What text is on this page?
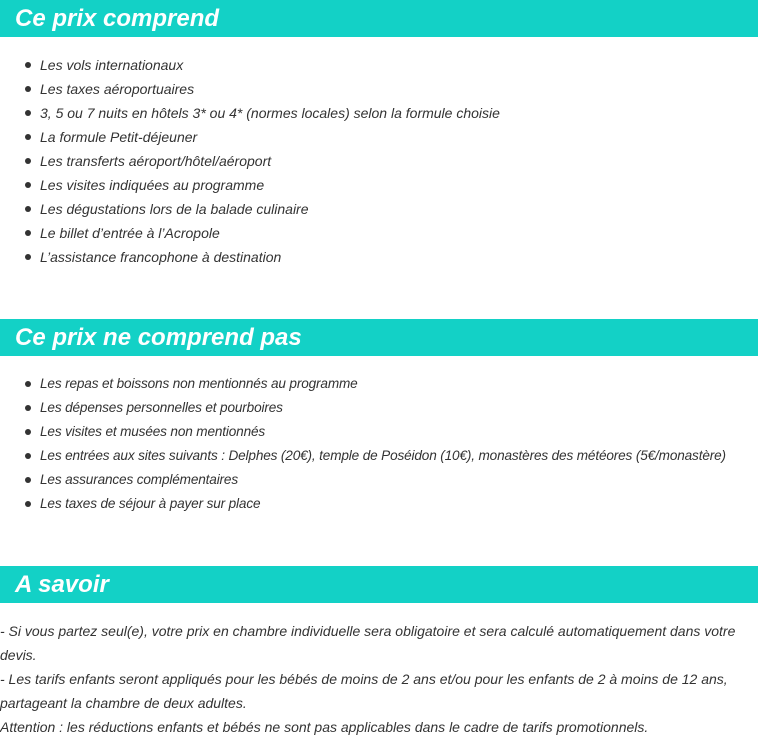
Ce prix comprend
Les vols internationaux
Les taxes aéroportuaires
3, 5 ou 7 nuits en hôtels 3* ou 4* (normes locales) selon la formule choisie
La formule Petit-déjeuner
Les transferts aéroport/hôtel/aéroport
Les visites indiquées au programme
Les dégustations lors de la balade culinaire
Le billet d’entrée à l’Acropole
L’assistance francophone à destination
Ce prix ne comprend pas
Les repas et boissons non mentionnés au programme
Les dépenses personnelles et pourboires
Les visites et musées non mentionnés
Les entrées aux sites suivants : Delphes (20€), temple de Poséidon (10€), monastères des météores (5€/monastère)
Les assurances complémentaires
Les taxes de séjour à payer sur place
A savoir

- Si vous partez seul(e), votre prix en chambre individuelle sera obligatoire et sera calculé automatiquement dans votre devis.

- Les tarifs enfants seront appliqués pour les bébés de moins de 2 ans et/ou pour les enfants de 2 à moins de 12 ans, partageant la chambre de deux adultes.

Attention : les réductions enfants et bébés ne sont pas applicables dans le cadre de tarifs promotionnels.
